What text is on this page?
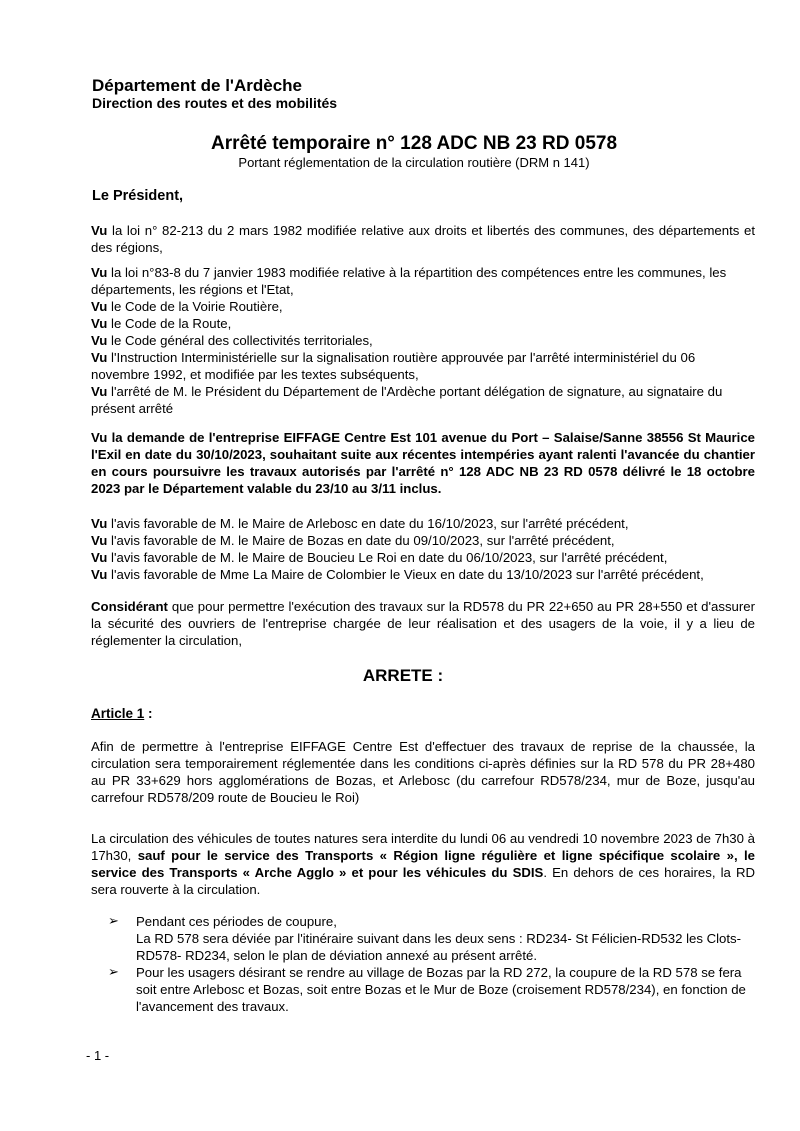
Département de l'Ardèche
Direction des routes et des mobilités
Arrêté temporaire n° 128 ADC NB 23 RD 0578
Portant réglementation de la circulation routière (DRM n 141)
Le Président,
Vu la loi n° 82-213 du 2 mars 1982 modifiée relative aux droits et libertés des communes, des départements et des régions,
Vu la loi n°83-8 du 7 janvier 1983 modifiée relative à la répartition des compétences entre les communes, les départements, les régions et l'Etat,
Vu le Code de la Voirie Routière,
Vu le Code de la Route,
Vu le Code général des collectivités territoriales,
Vu l'Instruction Interministérielle sur la signalisation routière approuvée par l'arrêté interministériel du 06 novembre 1992, et modifiée par les textes subséquents,
Vu l'arrêté de M. le Président du Département de l'Ardèche portant délégation de signature, au signataire du présent arrêté
Vu la demande de l'entreprise EIFFAGE Centre Est 101 avenue du Port – Salaise/Sanne 38556 St Maurice l'Exil en date du 30/10/2023, souhaitant suite aux récentes intempéries ayant ralenti l'avancée du chantier en cours poursuivre les travaux autorisés par l'arrêté n° 128 ADC NB 23 RD 0578 délivré le 18 octobre 2023 par le Département valable du 23/10 au 3/11 inclus.
Vu l'avis favorable de M. le Maire de Arlebosc en date du 16/10/2023, sur l'arrêté précédent,
Vu l'avis favorable de M. le Maire de Bozas en date du 09/10/2023, sur l'arrêté précédent,
Vu l'avis favorable de M. le Maire de Boucieu Le Roi en date du 06/10/2023, sur l'arrêté précédent,
Vu l'avis favorable de Mme La Maire de Colombier le Vieux en date du 13/10/2023 sur l'arrêté précédent,
Considérant que pour permettre l'exécution des travaux sur la RD578 du PR 22+650 au PR 28+550 et d'assurer la sécurité des ouvriers de l'entreprise chargée de leur réalisation et des usagers de la voie, il y a lieu de réglementer la circulation,
ARRETE :
Article 1 :
Afin de permettre à l'entreprise EIFFAGE Centre Est d'effectuer des travaux de reprise de la chaussée, la circulation sera temporairement réglementée dans les conditions ci-après définies sur la RD 578 du PR 28+480 au PR 33+629 hors agglomérations de Bozas, et Arlebosc (du carrefour RD578/234, mur de Boze, jusqu'au carrefour RD578/209 route de Boucieu le Roi)
La circulation des véhicules de toutes natures sera interdite du lundi 06 au vendredi 10 novembre 2023 de 7h30 à 17h30, sauf pour le service des Transports « Région ligne régulière et ligne spécifique scolaire », le service des Transports « Arche Agglo » et pour les véhicules du SDIS. En dehors de ces horaires, la RD sera rouverte à la circulation.
➢ Pendant ces périodes de coupure,
La RD 578 sera déviée par l'itinéraire suivant dans les deux sens : RD234- St Félicien-RD532 les Clots- RD578- RD234, selon le plan de déviation annexé au présent arrêté.
➢ Pour les usagers désirant se rendre au village de Bozas par la RD 272, la coupure de la RD 578 se fera soit entre Arlebosc et Bozas, soit entre Bozas et le Mur de Boze (croisement RD578/234), en fonction de l'avancement des travaux.
- 1 -
